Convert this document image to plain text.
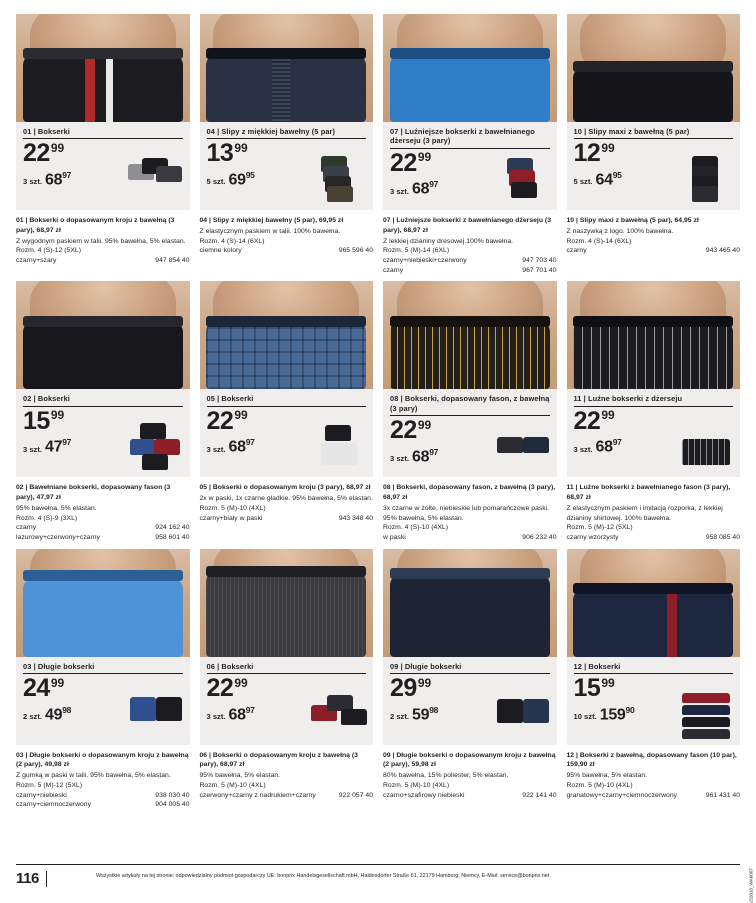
01 | Bokserki
$22^{99}$
3 szt. $68^{97}$
01 | Bokserki o dopasowanym kroju z bawełną (3 pary), 68,97 zł

Z wygodnym paskiem w talii. 95% bawełna, 5% elastan.

Rozm. 4 (S)-12 (5XL)

czarny+szary	947 854 40
04 | Slipy z miękkiej bawełny (5 par)
$13^{99}$
5 szt. $69^{95}$
04 | Slipy z miękkiej bawełny (5 par), 69,95 zł

Z elastycznym paskiem w talii. 100% bawełna.

Rozm. 4 (S)-14 (6XL)

ciemne kolory	965 596 40
07 | Luźniejsze bokserki z bawełnianego dżerseju (3 pary)
$22^{99}$
3 szt. $68^{97}$
07 | Luźniejsze bokserki z bawełnianego dżerseju (3 pary), 68,97 zł

Z lekkiej dzianiny dresowej.100% bawełna.

Rozm. 5 (M)-14 (6XL)

czarny+niebieski+czerwony	947 703 40
czarny	967 701 40
10 | Slipy maxi z bawełną (5 par)
$12^{99}$
5 szt. $64^{95}$
10 | Slipy maxi z bawełną (5 par), 64,95 zł

Z naszywką z logo. 100% bawełna.

Rozm. 4 (S)-14 (6XL)

czarny	943 465 40
02 | Bokserki
$15^{99}$
3 szt. $47^{97}$
02 | Bawełniane bokserki, dopasowany fason (3 pary), 47,97 zł

95% bawełna, 5% elastan.

Rozm. 4 (S)-9 (3XL)

czarny	924 162 40
lazurowy+czerwony+czarny	958 601 40
05 | Bokserki
$22^{99}$
3 szt. $68^{97}$
05 | Bokserki o dopasowanym kroju (3 pary), 68,97 zł

2x w paski, 1x czarne gładkie. 95% bawełna, 5% elastan.

Rozm. 5 (M)-10 (4XL)

czarny+biały w paski	943 348 40
08 | Bokserki, dopasowany fason, z bawełną (3 pary)
$22^{99}$
3 szt. $68^{97}$
08 | Bokserki, dopasowany fason, z bawełną (3 pary), 68,97 zł

3x czarne w żółte, niebieskie lub pomarańczowe paski. 95% bawełna, 5% elastan.

Rozm. 4 (S)-10 (4XL)

w paski	906 232 40
11 | Luźne bokserki z dżerseju
$22^{99}$
3 szt. $68^{97}$
11 | Luźne bokserki z bawełnianego fason (3 pary), 68,97 zł

Z elastycznym paskiem i imitacją rozporka, z lekkiej dzianiny shirtowej. 100% bawełna.

Rozm. 5 (M)-12 (5XL)

czarny wzorzysty	958 085 40
03 | Długie bokserki
$24^{99}$
2 szt. $49^{98}$
03 | Długie bokserki o dopasowanym kroju z bawełną (2 pary), 49,98 zł

Z gumką w paski w talii. 95% bawełna, 5% elastan.

Rozm. 5 (M)-12 (5XL)

czarny+niebieski	938 030 40
czarny+ciemnoczerwony	904 005 40
06 | Bokserki
$22^{99}$
3 szt. $68^{97}$
06 | Bokserki o dopasowanym kroju z bawełną (3 pary), 68,97 zł

95% bawełna, 5% elastan.

Rozm. 5 (M)-10 (4XL)

czerwony+czarny z nadrukiem+czarny	922 057 40
09 | Długie bokserki
$29^{99}$
2 szt. $59^{98}$
09 | Długie bokserki o dopasowanym kroju z bawełną (2 pary), 59,98 zł

80% bawełna, 15% poliester, 5% elastan.

Rozm. 5 (M)-10 (4XL)

czarno+szafirowy niebieski	922 141 40
12 | Bokserki
$15^{99}$
10 szt. $159^{90}$
12 | Bokserki z bawełną, dopasowany fason (10 par), 159,90 zł

95% bawełna, 5% elastan.

Rozm. 5 (M)-10 (4XL)

granatowy+czarny+ciemnoczerwony	961 431 40
116	Wszystkie artykuły na tej stronie: odpowiedzialny podmiot gospodarczy UE: bonprix Handelsgesellschaft mbH, Haldesdorfer Straße 61, 22179 Hamburg, Niemcy, E-Mail: service@bonprix.net	152018_WA6007
